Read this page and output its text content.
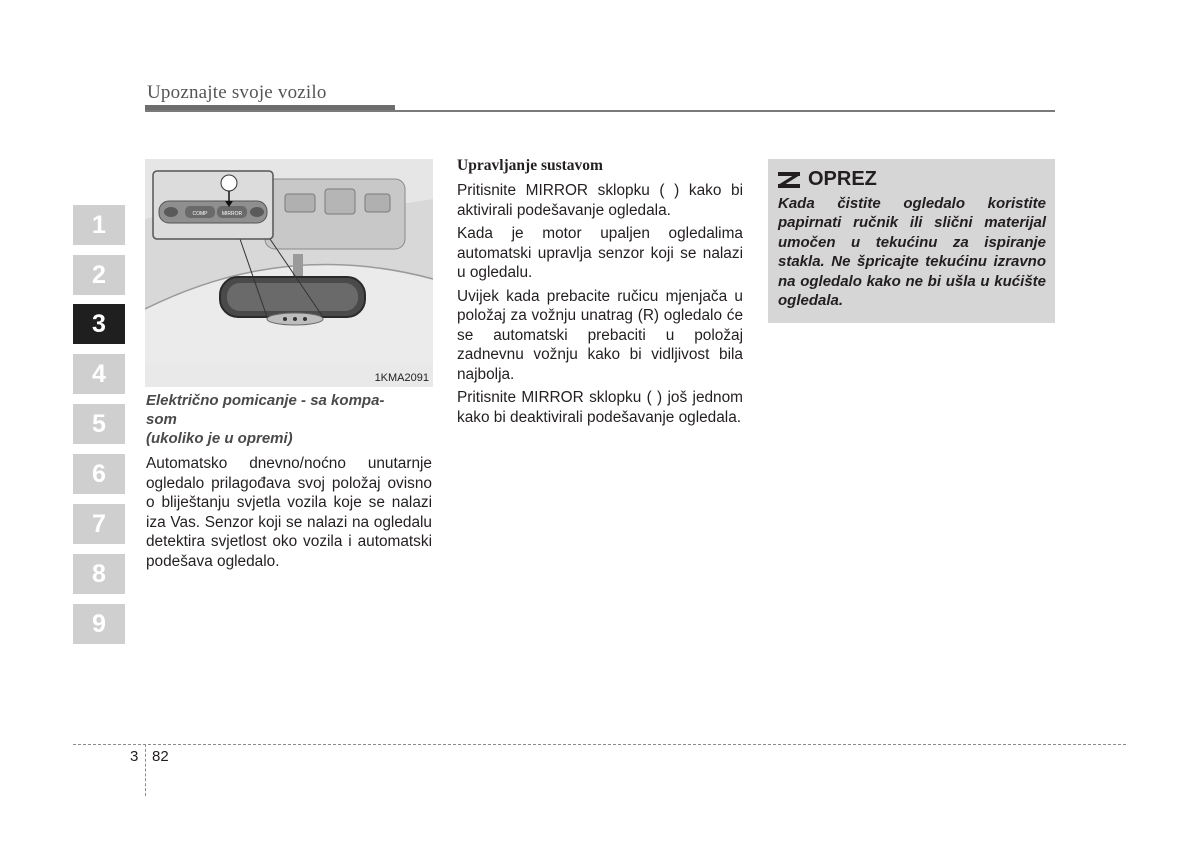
Upoznajte svoje vozilo
1
2
3
4
5
6
7
8
9
COMP	MIRROR
1KMA2091
Električno pomicanje - sa kompa-
som
(ukoliko je u opremi)
Automatsko dnevno/noćno unutarnje ogledalo prilagođava svoj položaj ovisno o bliještanju svjetla vozila koje se nalazi iza Vas. Senzor koji se nalazi na ogledalu detektira svjetlost oko vozila i automatski podešava ogledalo.
Upravljanje sustavom

Pritisnite MIRROR sklopku ( ) kako bi aktivirali podešavanje ogledala.

Kada je motor upaljen ogledalima automatski upravlja senzor koji se nalazi u ogledalu.

Uvijek kada prebacite ručicu mjenjača u položaj za vožnju unatrag (R) ogledalo će se automatski prebaciti u položaj zadnevnu vožnju kako bi vidljivost bila najbolja.

Pritisnite MIRROR sklopku ( ) još jednom kako bi deaktivirali podešavanje ogledala.

OPREZ
Kada čistite ogledalo koristite papirnati ručnik ili slični materijal umočen u tekućinu za ispiranje stakla. Ne špricajte tekućinu izravno na ogledalo kako ne bi ušla u kućište ogledala.
3 82
